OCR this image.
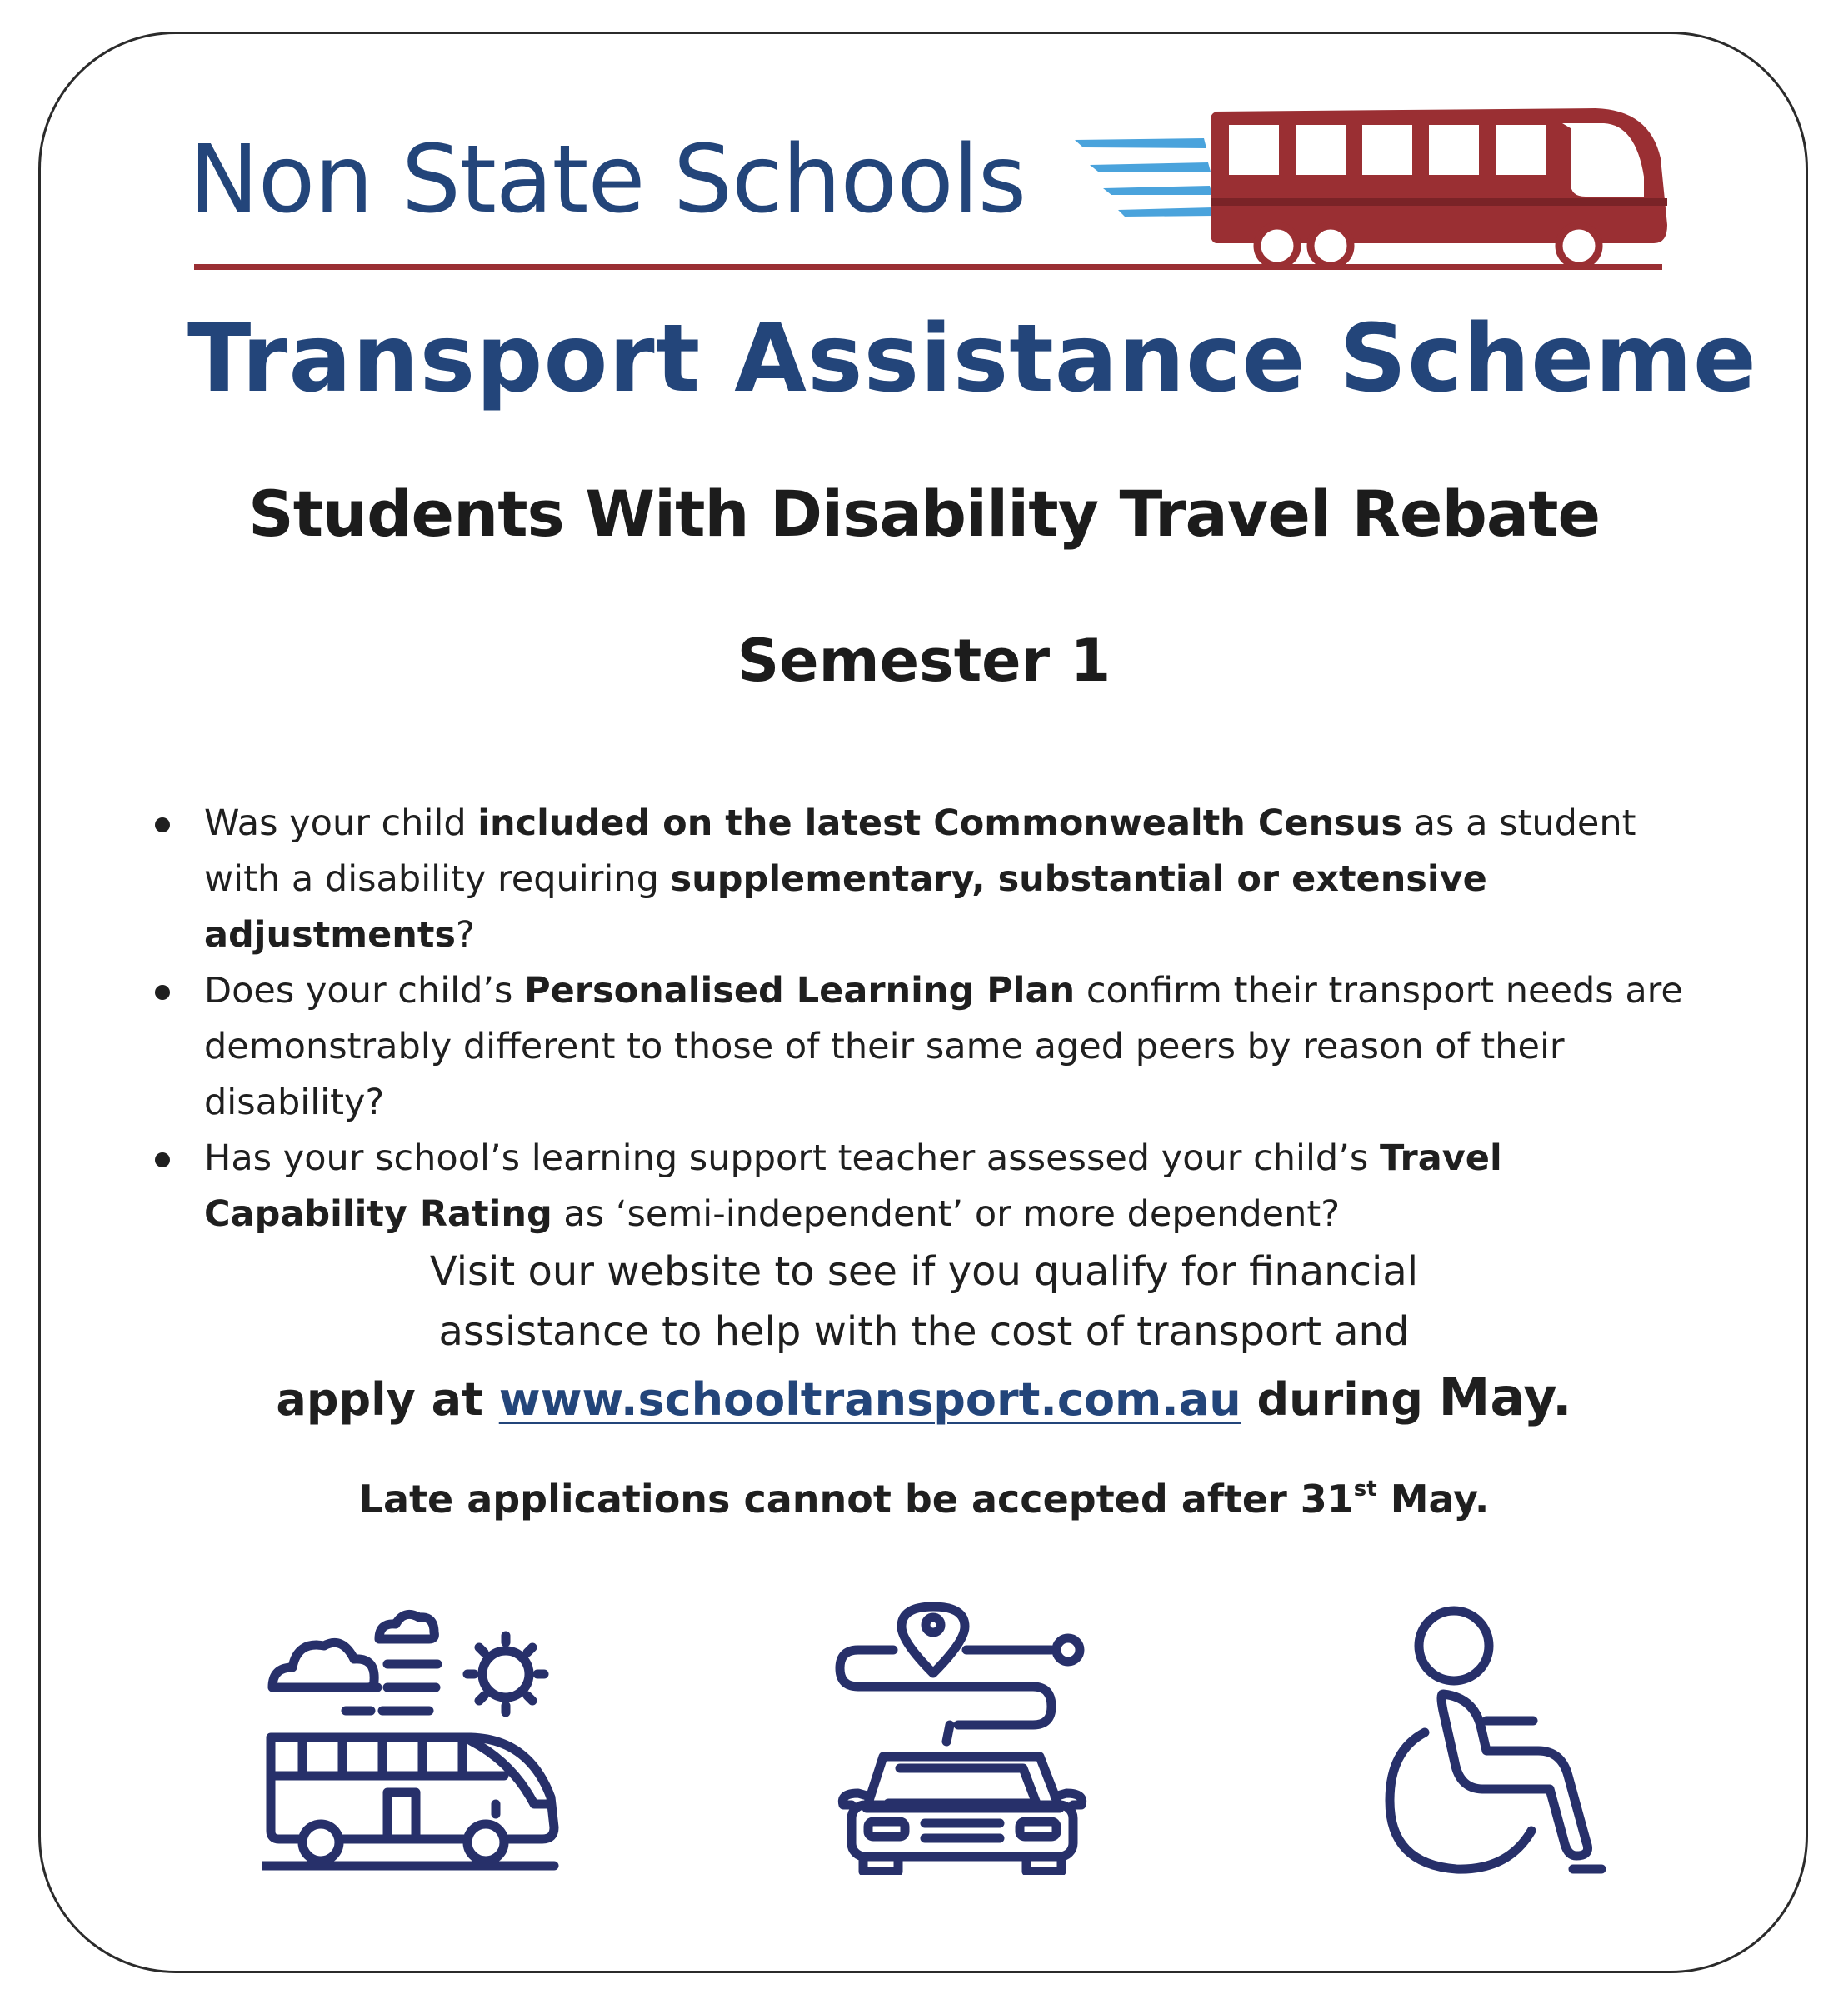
Non State Schools
Transport Assistance Scheme
Students With Disability Travel Rebate
Semester 1
Was your child included on the latest Commonwealth Census as a student with a disability requiring supplementary, substantial or extensive adjustments?
Does your child’s Personalised Learning Plan confirm their transport needs are demonstrably different to those of their same aged peers by reason of their disability?
Has your school’s learning support teacher assessed your child’s Travel Capability Rating as ‘semi-independent’ or more dependent?
Visit our website to see if you qualify for financial
assistance to help with the cost of transport and
apply at www.schooltransport.com.au during May.
Late applications cannot be accepted after 31st May.
